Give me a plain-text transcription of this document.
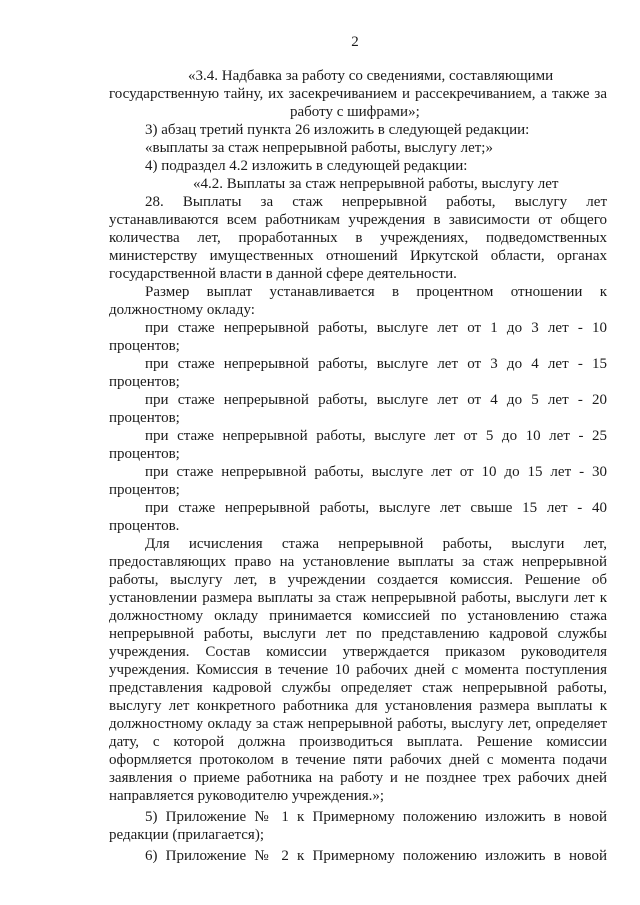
2
«3.4. Надбавка за работу со сведениями, составляющими
государственную тайну, их засекречиванием и рассекречиванием, а также за
работу с шифрами»;
3) абзац третий пункта 26 изложить в следующей редакции:
«выплаты за стаж непрерывной работы, выслугу лет;»
4) подраздел 4.2 изложить в следующей редакции:
«4.2. Выплаты за стаж непрерывной работы, выслугу лет
28. Выплаты за стаж непрерывной работы, выслугу лет
устанавливаются всем работникам учреждения в зависимости от общего
количества лет, проработанных в учреждениях, подведомственных
министерству имущественных отношений Иркутской области, органах
государственной власти в данной сфере деятельности.
Размер выплат устанавливается в процентном отношении к
должностному окладу:
при стаже непрерывной работы, выслуге лет от 1 до 3 лет - 10
процентов;
при стаже непрерывной работы, выслуге лет от 3 до 4 лет - 15
процентов;
при стаже непрерывной работы, выслуге лет от 4 до 5 лет - 20
процентов;
при стаже непрерывной работы, выслуге лет от 5 до 10 лет - 25
процентов;
при стаже непрерывной работы, выслуге лет от 10 до 15 лет - 30
процентов;
при стаже непрерывной работы, выслуге лет свыше 15 лет - 40
процентов.
Для исчисления стажа непрерывной работы, выслуги лет,
предоставляющих право на установление выплаты за стаж непрерывной
работы, выслугу лет, в учреждении создается комиссия. Решение об
установлении размера выплаты за стаж непрерывной работы, выслуги лет к
должностному окладу принимается комиссией по установлению стажа
непрерывной работы, выслуги лет по представлению кадровой службы
учреждения. Состав комиссии утверждается приказом руководителя
учреждения. Комиссия в течение 10 рабочих дней с момента поступления
представления кадровой службы определяет стаж непрерывной работы,
выслугу лет конкретного работника для установления размера выплаты к
должностному окладу за стаж непрерывной работы, выслугу лет, определяет
дату, с которой должна производиться выплата. Решение комиссии
оформляется протоколом в течение пяти рабочих дней с момента подачи
заявления о приеме работника на работу и не позднее трех рабочих дней
направляется руководителю учреждения.»;
5) Приложение № 1 к Примерному положению изложить в новой
редакции (прилагается);
6) Приложение № 2 к Примерному положению изложить в новой
